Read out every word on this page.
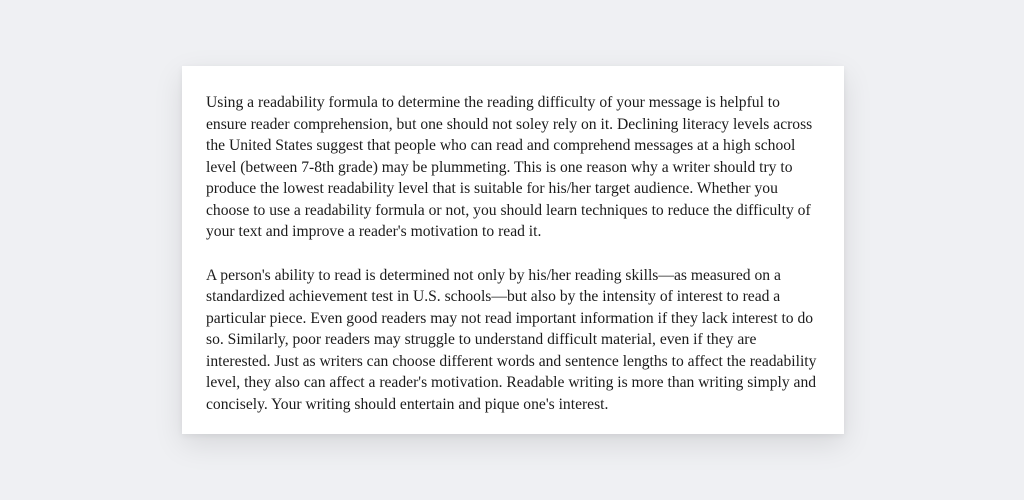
Using a readability formula to determine the reading difficulty of your message is helpful to ensure reader comprehension, but one should not soley rely on it. Declining literacy levels across the United States suggest that people who can read and comprehend messages at a high school level (between 7-8th grade) may be plummeting. This is one reason why a writer should try to produce the lowest readability level that is suitable for his/her target audience. Whether you choose to use a readability formula or not, you should learn techniques to reduce the difficulty of your text and improve a reader's motivation to read it.

A person's ability to read is determined not only by his/her reading skills—as measured on a standardized achievement test in U.S. schools—but also by the intensity of interest to read a particular piece. Even good readers may not read important information if they lack interest to do so. Similarly, poor readers may struggle to understand difficult material, even if they are interested. Just as writers can choose different words and sentence lengths to affect the readability level, they also can affect a reader's motivation. Readable writing is more than writing simply and concisely. Your writing should entertain and pique one's interest.
